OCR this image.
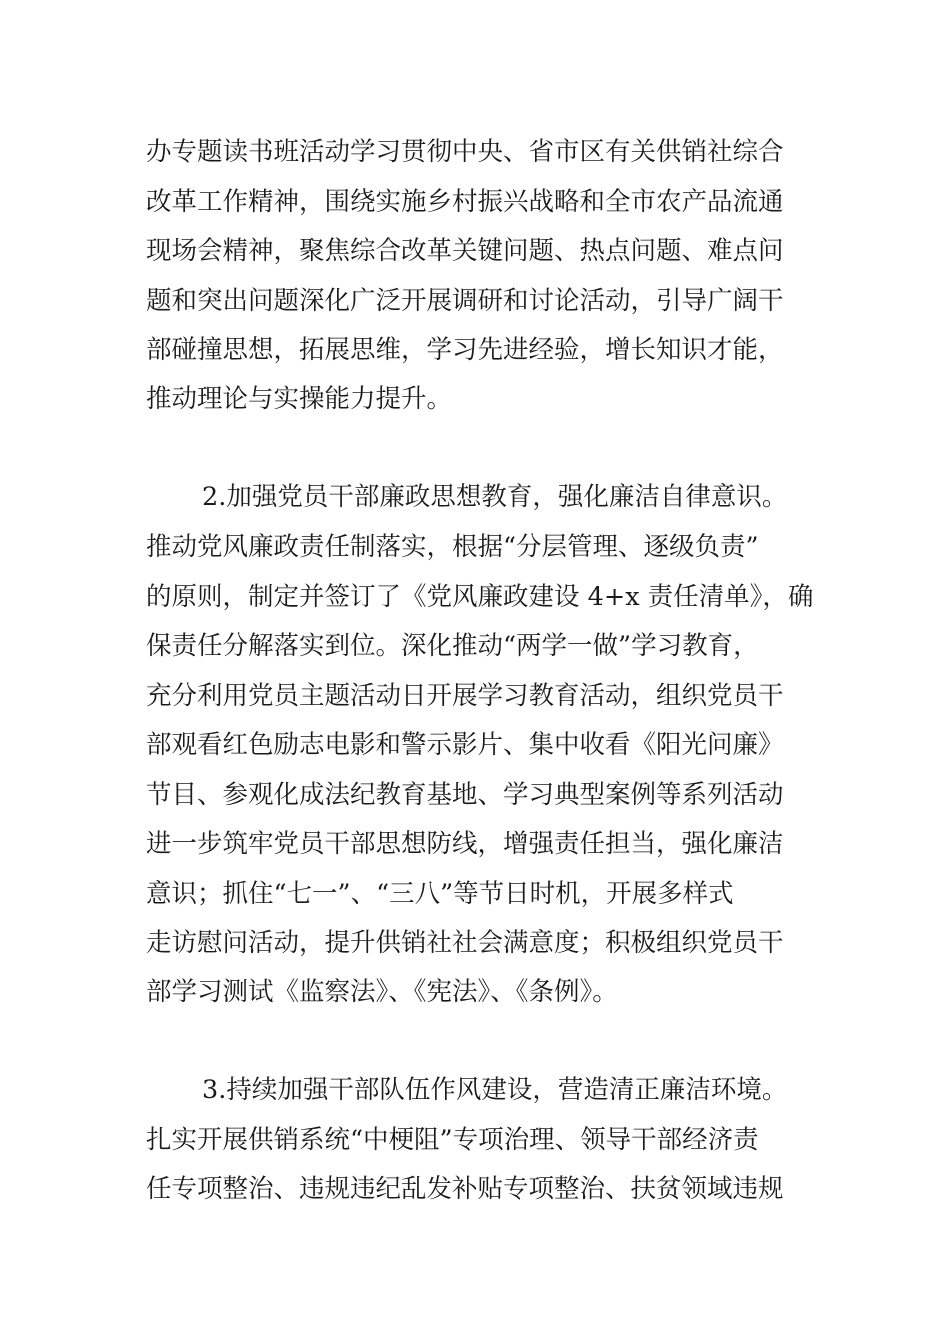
办专题读书班活动学习贯彻中央、省市区有关供销社综合
改革工作精神，围绕实施乡村振兴战略和全市农产品流通
现场会精神，聚焦综合改革关键问题、热点问题、难点问
题和突出问题深化广泛开展调研和讨论活动，引导广阔干
部碰撞思想，拓展思维，学习先进经验，增长知识才能，
推动理论与实操能力提升。
2.加强党员干部廉政思想教育，强化廉洁自律意识。
推动党风廉政责任制落实，根据“分层管理、逐级负责”
的原则，制定并签订了《党风廉政建设 4+x 责任清单》，确
保责任分解落实到位。深化推动“两学一做”学习教育，
充分利用党员主题活动日开展学习教育活动，组织党员干
部观看红色励志电影和警示影片、集中收看《阳光问廉》
节目、参观化成法纪教育基地、学习典型案例等系列活动
进一步筑牢党员干部思想防线，增强责任担当，强化廉洁
意识；抓住“七一”、“三八”等节日时机，开展多样式
走访慰问活动，提升供销社社会满意度；积极组织党员干
部学习测试《监察法》、《宪法》、《条例》。
3.持续加强干部队伍作风建设，营造清正廉洁环境。
扎实开展供销系统“中梗阻”专项治理、领导干部经济责
任专项整治、违规违纪乱发补贴专项整治、扶贫领域违规
